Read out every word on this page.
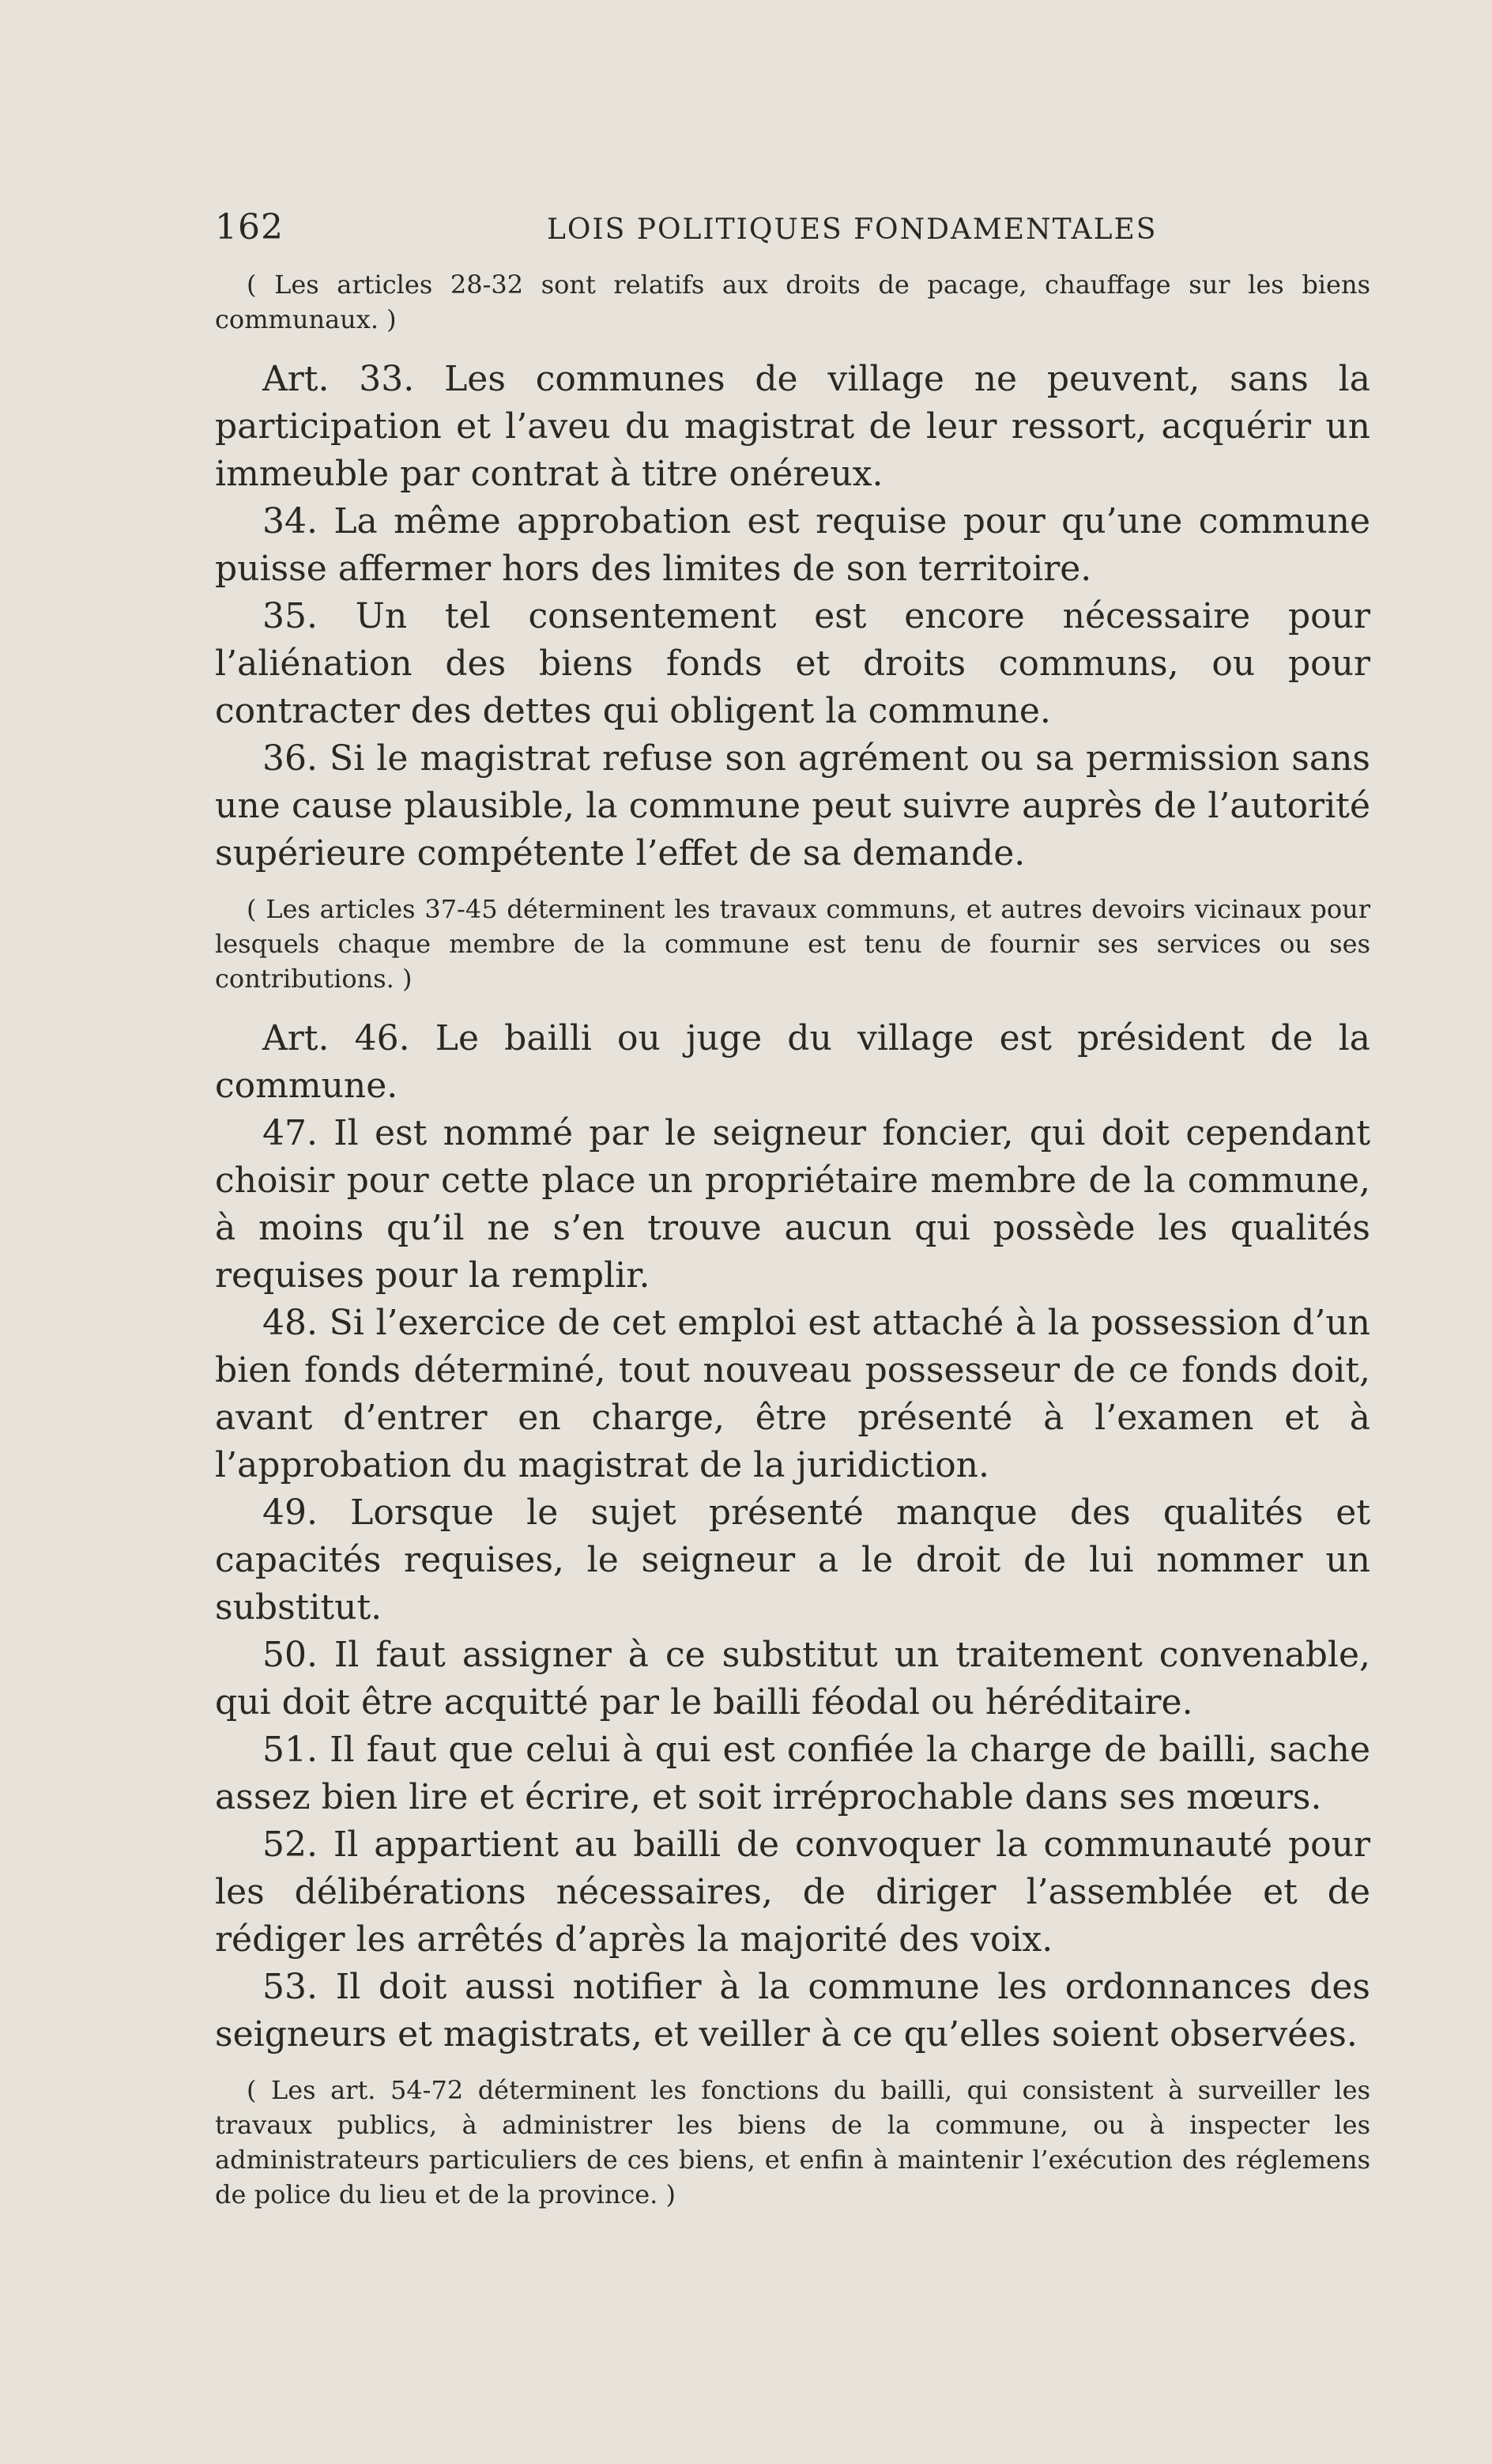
162	LOIS POLITIQUES FONDAMENTALES

( Les articles 28-32 sont relatifs aux droits de pacage, chauffage sur les biens communaux. )

Art. 33. Les communes de village ne peuvent, sans la participation et l’aveu du magistrat de leur ressort, acquérir un immeuble par contrat à titre onéreux.

34. La même approbation est requise pour qu’une commune puisse affermer hors des limites de son territoire.

35. Un tel consentement est encore nécessaire pour l’aliénation des biens fonds et droits communs, ou pour contracter des dettes qui obligent la commune.

36. Si le magistrat refuse son agrément ou sa permission sans une cause plausible, la commune peut suivre auprès de l’autorité supérieure compétente l’effet de sa demande.

( Les articles 37-45 déterminent les travaux communs, et autres devoirs vicinaux pour lesquels chaque membre de la commune est tenu de fournir ses services ou ses contributions. )

Art. 46. Le bailli ou juge du village est président de la commune.

47. Il est nommé par le seigneur foncier, qui doit cependant choisir pour cette place un propriétaire membre de la commune, à moins qu’il ne s’en trouve aucun qui possède les qualités requises pour la remplir.

48. Si l’exercice de cet emploi est attaché à la possession d’un bien fonds déterminé, tout nouveau possesseur de ce fonds doit, avant d’entrer en charge, être présenté à l’examen et à l’approbation du magistrat de la juridiction.

49. Lorsque le sujet présenté manque des qualités et capacités requises, le seigneur a le droit de lui nommer un substitut.

50. Il faut assigner à ce substitut un traitement convenable, qui doit être acquitté par le bailli féodal ou héréditaire.

51. Il faut que celui à qui est confiée la charge de bailli, sache assez bien lire et écrire, et soit irréprochable dans ses mœurs.

52. Il appartient au bailli de convoquer la communauté pour les délibérations nécessaires, de diriger l’assemblée et de rédiger les arrêtés d’après la majorité des voix.

53. Il doit aussi notifier à la commune les ordonnances des seigneurs et magistrats, et veiller à ce qu’elles soient observées.

( Les art. 54-72 déterminent les fonctions du bailli, qui consistent à surveiller les travaux publics, à administrer les biens de la commune, ou à inspecter les administrateurs particuliers de ces biens, et enfin à maintenir l’exécution des réglemens de police du lieu et de la province. )
